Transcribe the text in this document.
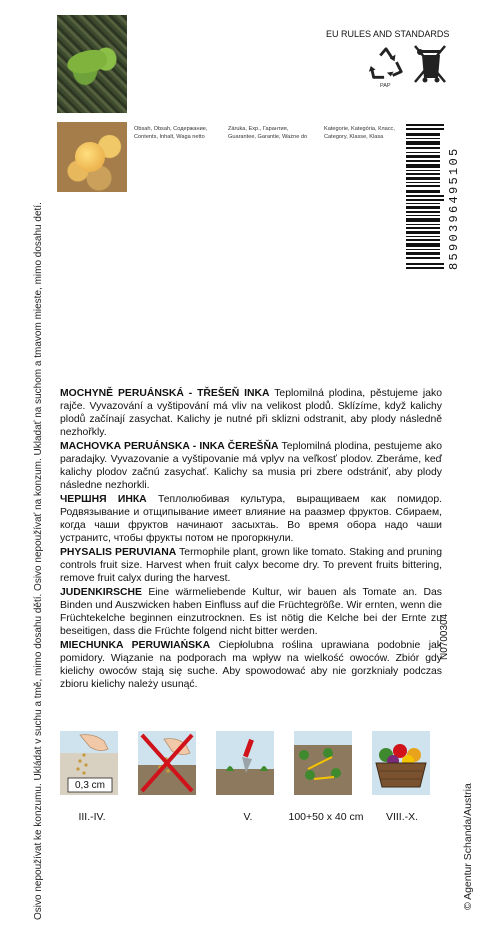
Osivo nepoužívat ke konzumu. Ukládat v suchu a tmě, mimo dosahu dětí. Osivo nepoužívať na konzum. Ukladať na suchom a tmavom mieste, mimo dosahu detí.	© Agentur Schanda/Austria
Obsah, Obsah, Содержание,
Contents, Inhalt, Waga netto
Záruka, Exp., Гарантия,
Guarantee, Garantie, Ważne do
Kategorie, Kategória, Класс,
Category, Klasse, Klasa
EU RULES AND STANDARDS
PAP
8590396495105
N0700304

MOCHYNĚ PERUÁNSKÁ - TŘEŠEŇ INKA Teplomilná plodina, pěstujeme jako rajče. Vyvazování a vyštipování má vliv na velikost plodů. Sklízíme, když kalichy plodů začínají zasychat. Kalichy je nutné při sklizni odstranit, aby plody následně nezhořkly.

MACHOVKA PERUÁNSKA - INKA ČEREŠŇA Teplomilná plodina, pestujeme ako paradajky. Vyvazovanie a vyštipovanie má vplyv na veľkosť plodov. Zberáme, keď kalichy plodov začnú zasychať. Kalichy sa musia pri zbere odstrániť, aby plody následne nezhorkli.

ЧЕРШНЯ ИНКА Теплолюбивая культура, выращиваем как помидор. Родвязывание и отщипывание имеет влияние на раазмер фруктов. Сбираем, когда чаши фруктов начинают засыхтаь. Во время обора надо чаши устранитс, чтобы фрукты потом не прогоркнули.

PHYSALIS PERUVIANA Termophile plant, grown like tomato. Staking and pruning controls fruit size. Harvest when fruit calyx become dry. To prevent fruits bittering, remove fruit calyx during the harvest.

JUDENKIRSCHE Eine wärmeliebende Kultur, wir bauen als Tomate an. Das Binden und Auszwicken haben Einfluss auf die Früchtegröße. Wir ernten, wenn die Früchtekelche beginnen einzutrocknen. Es ist nötig die Kelche bei der Ernte zu beseitigen, dass die Früchte folgend nicht bitter werden.

MIECHUNKA PERUWIAŃSKA Ciepłolubna roślina uprawiana podobnie jak pomidory. Wiązanie na podporach ma wpływ na wielkość owoców. Zbiór gdy kielichy owoców stają się suche. Aby spowodować aby nie gorzkniały podczas zbioru kielichy należy usunąć.

0,3 cm
III.-IV.	V.	100+50 x 40 cm	VIII.-X.
